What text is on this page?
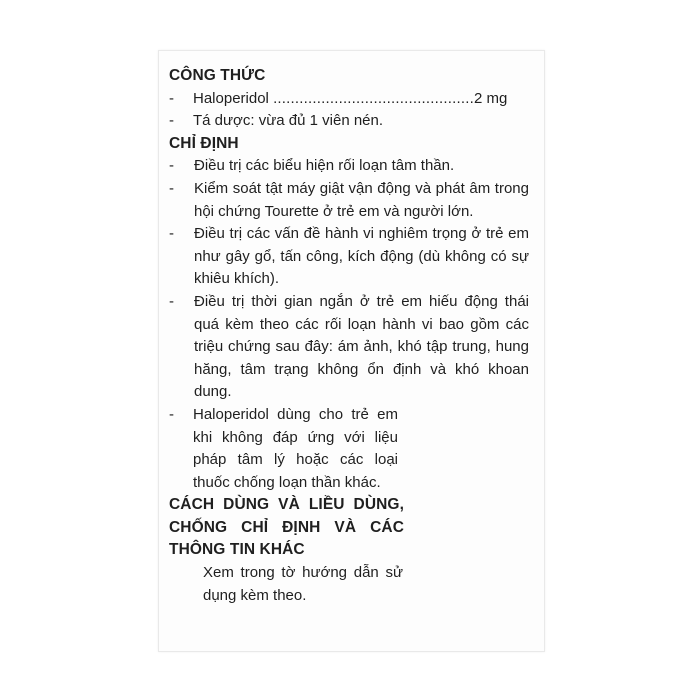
CÔNG THỨC
- Haloperidol ..............................................2 mg
- Tá dược: vừa đủ 1 viên nén.
CHỈ ĐỊNH
- Điều trị các biểu hiện rối loạn tâm thần.
- Kiểm soát tật máy giật vận động và phát âm trong hội chứng Tourette ở trẻ em và người lớn.
- Điều trị các vấn đề hành vi nghiêm trọng ở trẻ em như gây gổ, tấn công, kích động (dù không có sự khiêu khích).
- Điều trị thời gian ngắn ở trẻ em hiếu động thái quá kèm theo các rối loạn hành vi bao gồm các triệu chứng sau đây: ám ảnh, khó tập trung, hung hăng, tâm trạng không ổn định và khó khoan dung.
- Haloperidol dùng cho trẻ em khi không đáp ứng với liệu pháp tâm lý hoặc các loại thuốc chống loạn thần khác.
CÁCH DÙNG VÀ LIỀU DÙNG, CHỐNG CHỈ ĐỊNH VÀ CÁC THÔNG TIN KHÁC

Xem trong tờ hướng dẫn sử dụng kèm theo.
